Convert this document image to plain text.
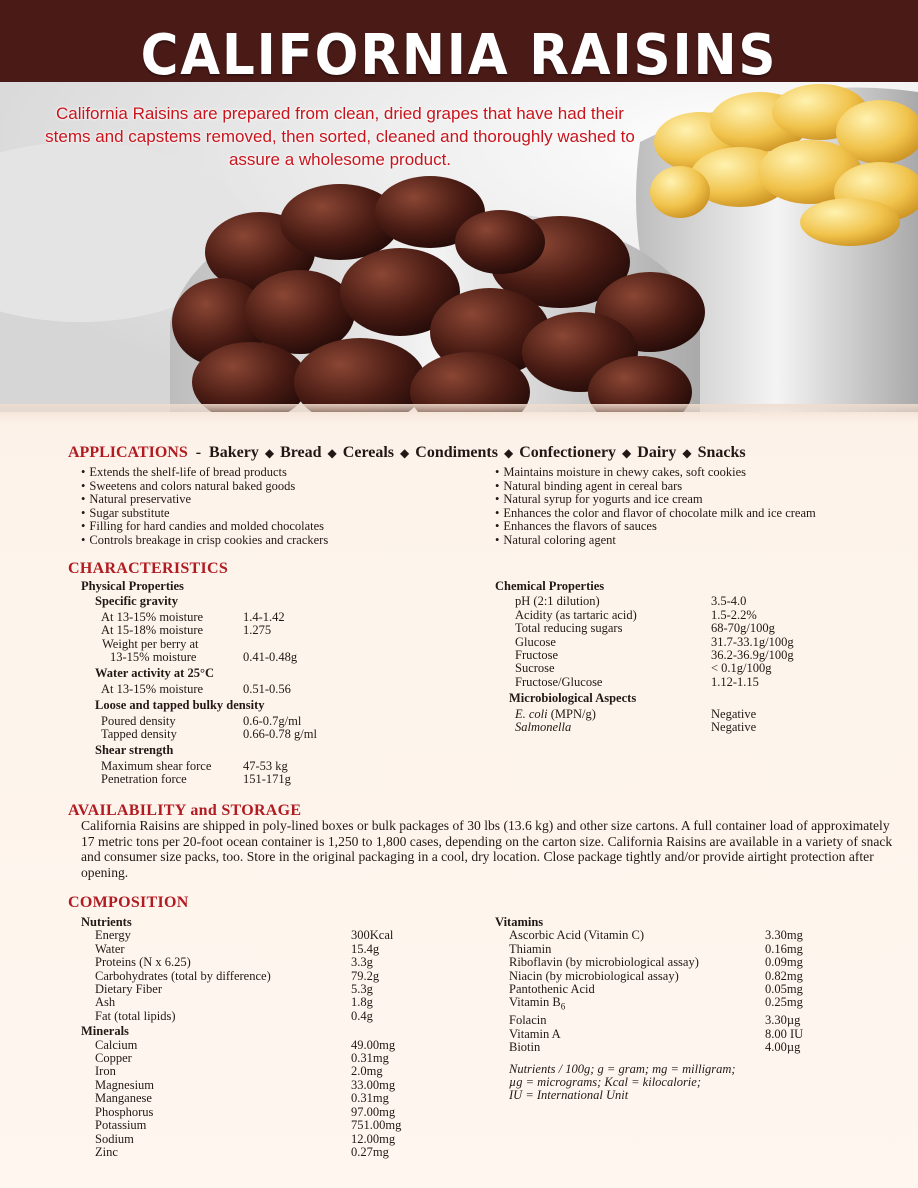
CALIFORNIA RAISINS
California Raisins are prepared from clean, dried grapes that have had their stems and capstems removed, then sorted, cleaned and thoroughly washed to assure a wholesome product.
APPLICATIONS - Bakery ◆ Bread ◆ Cereals ◆ Condiments ◆ Confectionery ◆ Dairy ◆ Snacks
• Extends the shelf-life of bread products
• Sweetens and colors natural baked goods
• Natural preservative
• Sugar substitute
• Filling for hard candies and molded chocolates
• Controls breakage in crisp cookies and crackers
• Maintains moisture in chewy cakes, soft cookies
• Natural binding agent in cereal bars
• Natural syrup for yogurts and ice cream
• Enhances the color and flavor of chocolate milk and ice cream
• Enhances the flavors of sauces
• Natural coloring agent
CHARACTERISTICS
Physical Properties
Specific gravity
At 13-15% moisture	1.4-1.42
At 15-18% moisture	1.275
Weight per berry at
13-15% moisture	0.41-0.48g
Water activity at 25°C
At 13-15% moisture	0.51-0.56
Loose and tapped bulky density
Poured density	0.6-0.7g/ml
Tapped density	0.66-0.78 g/ml
Shear strength
Maximum shear force	47-53 kg
Penetration force	151-171g
Chemical Properties
pH (2:1 dilution)	3.5-4.0
Acidity (as tartaric acid)	1.5-2.2%
Total reducing sugars	68-70g/100g
Glucose	31.7-33.1g/100g
Fructose	36.2-36.9g/100g
Sucrose	< 0.1g/100g
Fructose/Glucose	1.12-1.15
Microbiological Aspects
E. coli (MPN/g)	Negative
Salmonella	Negative
AVAILABILITY and STORAGE
California Raisins are shipped in poly-lined boxes or bulk packages of 30 lbs (13.6 kg) and other size cartons. A full container load of approximately 17 metric tons per 20-foot ocean container is 1,250 to 1,800 cases, depending on the carton size. California Raisins are available in a variety of snack and consumer size packs, too. Store in the original packaging in a cool, dry location. Close package tightly and/or provide airtight protection after opening.
COMPOSITION
Nutrients
Energy	300Kcal
Water	15.4g
Proteins (N x 6.25)	3.3g
Carbohydrates (total by difference)	79.2g
Dietary Fiber	5.3g
Ash	1.8g
Fat (total lipids)	0.4g
Minerals
Calcium	49.00mg
Copper	0.31mg
Iron	2.0mg
Magnesium	33.00mg
Manganese	0.31mg
Phosphorus	97.00mg
Potassium	751.00mg
Sodium	12.00mg
Zinc	0.27mg
Vitamins
Ascorbic Acid (Vitamin C)	3.30mg
Thiamin	0.16mg
Riboflavin (by microbiological assay)	0.09mg
Niacin (by microbiological assay)	0.82mg
Pantothenic Acid	0.05mg
Vitamin $B_6$	0.25mg
Folacin	3.30µg
Vitamin A	8.00 IU
Biotin	4.00µg
Nutrients / 100g; g = gram; mg = milligram;
µg = micrograms; Kcal = kilocalorie;
IU = International Unit
